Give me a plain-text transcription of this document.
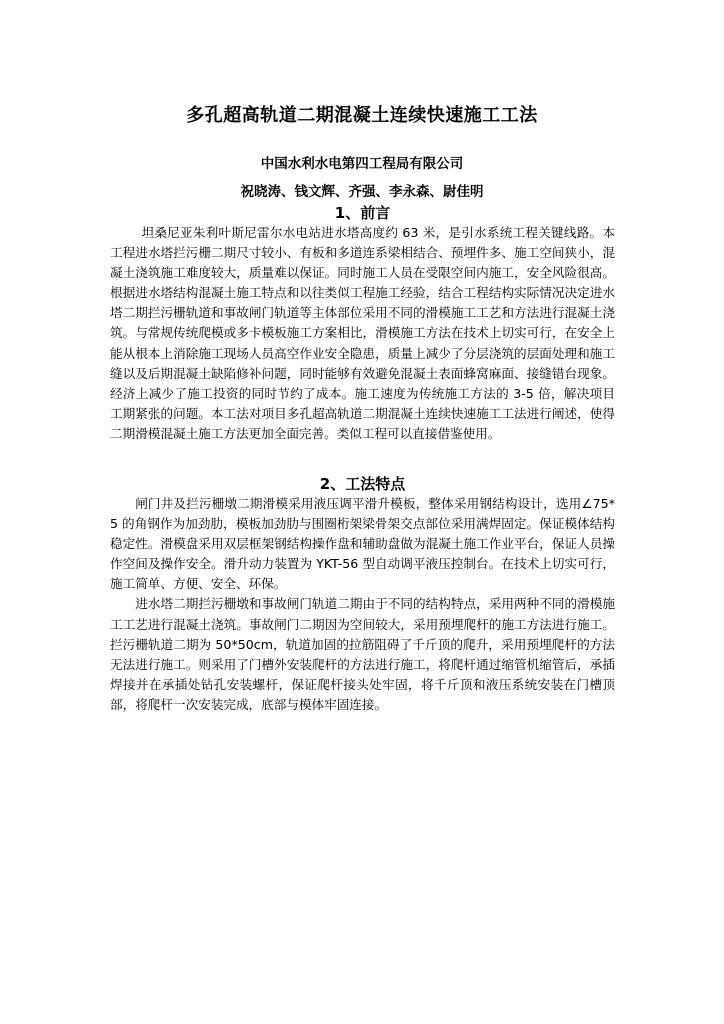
多孔超高轨道二期混凝土连续快速施工工法
中国水利水电第四工程局有限公司
祝晓涛、钱文辉、齐强、李永森、尉佳明
1、前言

坦桑尼亚朱利叶斯尼雷尔水电站进水塔高度约 63 米，是引水系统工程关键线路。本工程进水塔拦污栅二期尺寸较小、有板和多道连系梁相结合、预埋件多、施工空间狭小，混凝土浇筑施工难度较大，质量难以保证。同时施工人员在受限空间内施工，安全风险很高。根据进水塔结构混凝土施工特点和以往类似工程施工经验，结合工程结构实际情况决定进水塔二期拦污栅轨道和事故闸门轨道等主体部位采用不同的滑模施工工艺和方法进行混凝土浇筑。与常规传统爬模或多卡模板施工方案相比，滑模施工方法在技术上切实可行，在安全上能从根本上消除施工现场人员高空作业安全隐患，质量上减少了分层浇筑的层面处理和施工缝以及后期混凝土缺陷修补问题，同时能够有效避免混凝土表面蜂窝麻面、接缝错台现象。经济上减少了施工投资的同时节约了成本。施工速度为传统施工方法的 3-5 倍，解决项目工期紧张的问题。本工法对项目多孔超高轨道二期混凝土连续快速施工工法进行阐述，使得二期滑模混凝土施工方法更加全面完善。类似工程可以直接借鉴使用。

2、工法特点

闸门井及拦污栅墩二期滑模采用液压调平滑升模板，整体采用钢结构设计，选用∠75*5 的角钢作为加劲肋，模板加劲肋与围圈桁架梁骨架交点部位采用满焊固定。保证模体结构稳定性。滑模盘采用双层框架钢结构操作盘和辅助盘做为混凝土施工作业平台，保证人员操作空间及操作安全。滑升动力装置为 YKT-56 型自动调平液压控制台。在技术上切实可行，施工简单、方便、安全、环保。

进水塔二期拦污栅墩和事故闸门轨道二期由于不同的结构特点，采用两种不同的滑模施工工艺进行混凝土浇筑。事故闸门二期因为空间较大，采用预埋爬杆的施工方法进行施工。拦污栅轨道二期为 50*50cm，轨道加固的拉筋阻碍了千斤顶的爬升，采用预埋爬杆的方法无法进行施工。则采用了门槽外安装爬杆的方法进行施工，将爬杆通过缩管机缩管后，承插焊接并在承插处钻孔安装螺杆，保证爬杆接头处牢固，将千斤顶和液压系统安装在门槽顶部，将爬杆一次安装完成，底部与模体牢固连接。
